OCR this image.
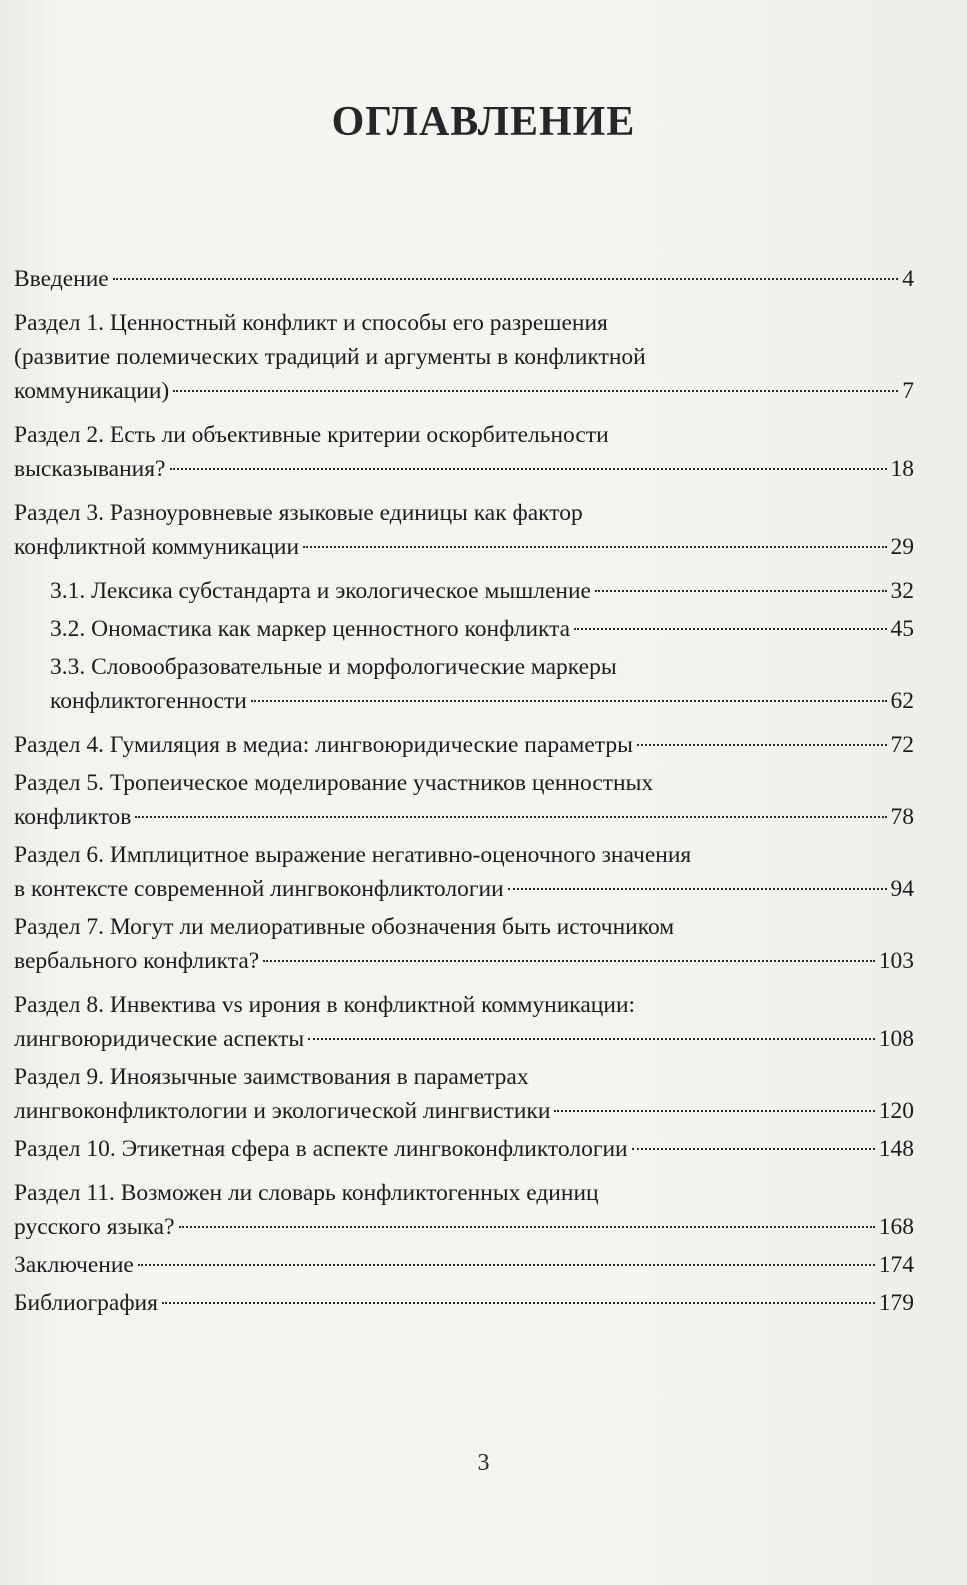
ОГЛАВЛЕНИЕ
Введение	4
Раздел 1. Ценностный конфликт и способы его разрешения
(развитие полемических традиций и аргументы в конфликтной
коммуникации)	7
Раздел 2. Есть ли объективные критерии оскорбительности
высказывания?	18
Раздел 3. Разноуровневые языковые единицы как фактор
конфликтной коммуникации	29
3.1. Лексика субстандарта и экологическое мышление	32
3.2. Ономастика как маркер ценностного конфликта	45
3.3. Словообразовательные и морфологические маркеры
конфликтогенности	62
Раздел 4. Гумиляция в медиа: лингвоюридические параметры	72
Раздел 5. Тропеическое моделирование участников ценностных
конфликтов	78
Раздел 6. Имплицитное выражение негативно-оценочного значения
в контексте современной лингвоконфликтологии	94
Раздел 7. Могут ли мелиоративные обозначения быть источником
вербального конфликта?	103
Раздел 8. Инвектива vs ирония в конфликтной коммуникации:
лингвоюридические аспекты	108
Раздел 9. Иноязычные заимствования в параметрах
лингвоконфликтологии и экологической лингвистики	120
Раздел 10. Этикетная сфера в аспекте лингвоконфликтологии	148
Раздел 11. Возможен ли словарь конфликтогенных единиц
русского языка?	168
Заключение	174
Библиография	179
3
